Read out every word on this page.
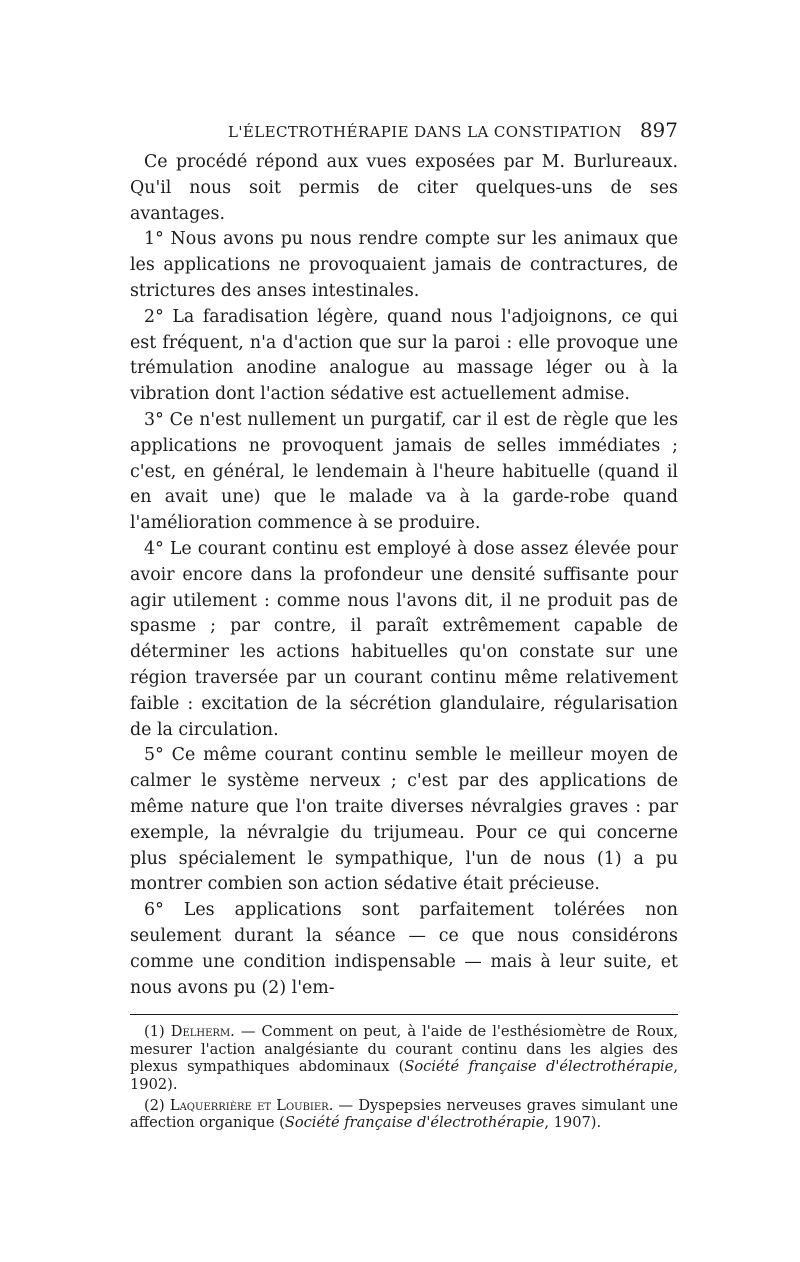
L'ÉLECTROTHÉRAPIE DANS LA CONSTIPATION 897

Ce procédé répond aux vues exposées par M. Burlureaux. Qu'il nous soit permis de citer quelques-uns de ses avantages.

1° Nous avons pu nous rendre compte sur les animaux que les applications ne provoquaient jamais de contractures, de strictures des anses intestinales.

2° La faradisation légère, quand nous l'adjoignons, ce qui est fréquent, n'a d'action que sur la paroi : elle provoque une trémulation anodine analogue au massage léger ou à la vibration dont l'action sédative est actuellement admise.

3° Ce n'est nullement un purgatif, car il est de règle que les applications ne provoquent jamais de selles immédiates ; c'est, en général, le lendemain à l'heure habituelle (quand il en avait une) que le malade va à la garde-robe quand l'amélioration commence à se produire.

4° Le courant continu est employé à dose assez élevée pour avoir encore dans la profondeur une densité suffisante pour agir utilement : comme nous l'avons dit, il ne produit pas de spasme ; par contre, il paraît extrêmement capable de déterminer les actions habituelles qu'on constate sur une région traversée par un courant continu même relativement faible : excitation de la sécrétion glandulaire, régularisation de la circulation.

5° Ce même courant continu semble le meilleur moyen de calmer le système nerveux ; c'est par des applications de même nature que l'on traite diverses névralgies graves : par exemple, la névralgie du trijumeau. Pour ce qui concerne plus spécialement le sympathique, l'un de nous (1) a pu montrer combien son action sédative était précieuse.

6° Les applications sont parfaitement tolérées non seulement durant la séance — ce que nous considérons comme une condition indispensable — mais à leur suite, et nous avons pu (2) l'em-

(1) Delherm. — Comment on peut, à l'aide de l'esthésiomètre de Roux, mesurer l'action analgésiante du courant continu dans les algies des plexus sympathiques abdominaux (Société française d'électrothérapie, 1902).

(2) Laquerrière et Loubier. — Dyspepsies nerveuses graves simulant une affection organique (Société française d'électrothérapie, 1907).
